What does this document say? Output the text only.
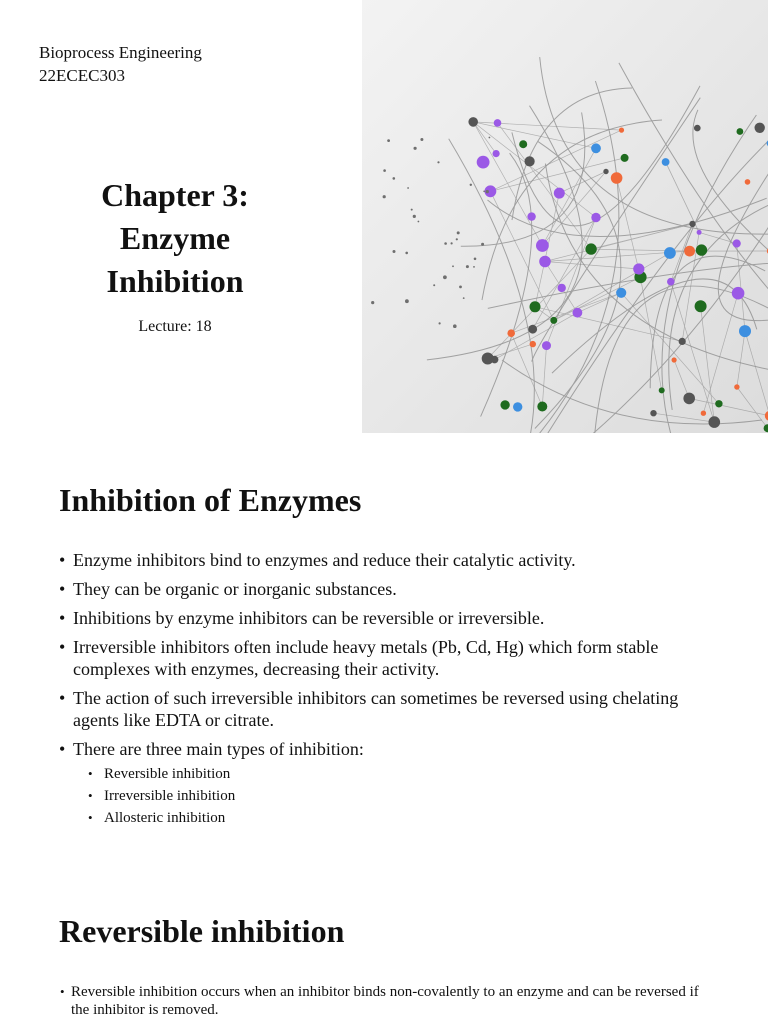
Bioprocess Engineering
22ECEC303
Chapter 3:
Enzyme
Inhibition
Lecture: 18
Inhibition of Enzymes
• Enzyme inhibitors bind to enzymes and reduce their catalytic activity.
• They can be organic or inorganic substances.
• Inhibitions by enzyme inhibitors can be reversible or irreversible.
• Irreversible inhibitors often include heavy metals (Pb, Cd, Hg) which form stable complexes with enzymes, decreasing their activity.
• The action of such irreversible inhibitors can sometimes be reversed using chelating agents like EDTA or citrate.
• There are three main types of inhibition:
• Reversible inhibition
• Irreversible inhibition
• Allosteric inhibition
Reversible inhibition
• Reversible inhibition occurs when an inhibitor binds non-covalently to an enzyme and can be reversed if the inhibitor is removed.
